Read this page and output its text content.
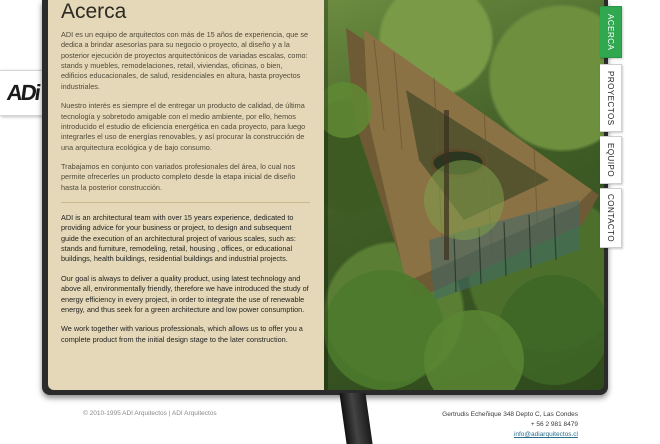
ADi
Acerca

ADI es un equipo de arquitectos con más de 15 años de experiencia, que se dedica a brindar asesorías para su negocio o proyecto, al diseño y a la posterior ejecución de proyectos arquitectónicos de variadas escalas, como: stands y muebles, remodelaciones, retail, viviendas, oficinas, o bien, edificios educacionales, de salud, residenciales en altura, hasta proyectos industriales.

Nuestro interés es siempre el de entregar un producto de calidad, de última tecnología y sobretodo amigable con el medio ambiente, por ello, hemos introducido el estudio de eficiencia energética en cada proyecto, para luego integrarles el uso de energías renovables, y así procurar la construcción de una arquitectura ecológica y de bajo consumo.

Trabajamos en conjunto con variados profesionales del área, lo cual nos permite ofrecerles un producto completo desde la etapa inicial de diseño hasta la posterior construcción.

ADI is an architectural team with over 15 years experience, dedicated to providing advice for your business or project, to design and subsequent guide the execution of an architectural project of various scales, such as: stands and furniture, remodeling, retail, housing , offices, or educational buildings, health buildings, residential buildings and industrial projects.

Our goal is always to deliver a quality product, using latest technology and above all, environmentally friendly, therefore we have introduced the study of energy efficiency in every project, in order to integrate the use of renewable energy, and thus seek for a green architecture and low power consumption.

We work together with various professionals, which allows us to offer you a complete product from the initial design stage to the later construction.

ACERCA
PROYECTOS
EQUIPO
CONTACTO
© 2010-1995 ADI Arquitectos | ADI Arquitectos	Gertrudis Echeñique 348 Depto C, Las Condes
+ 56 2 981 8479
info@adiarquitectos.cl
